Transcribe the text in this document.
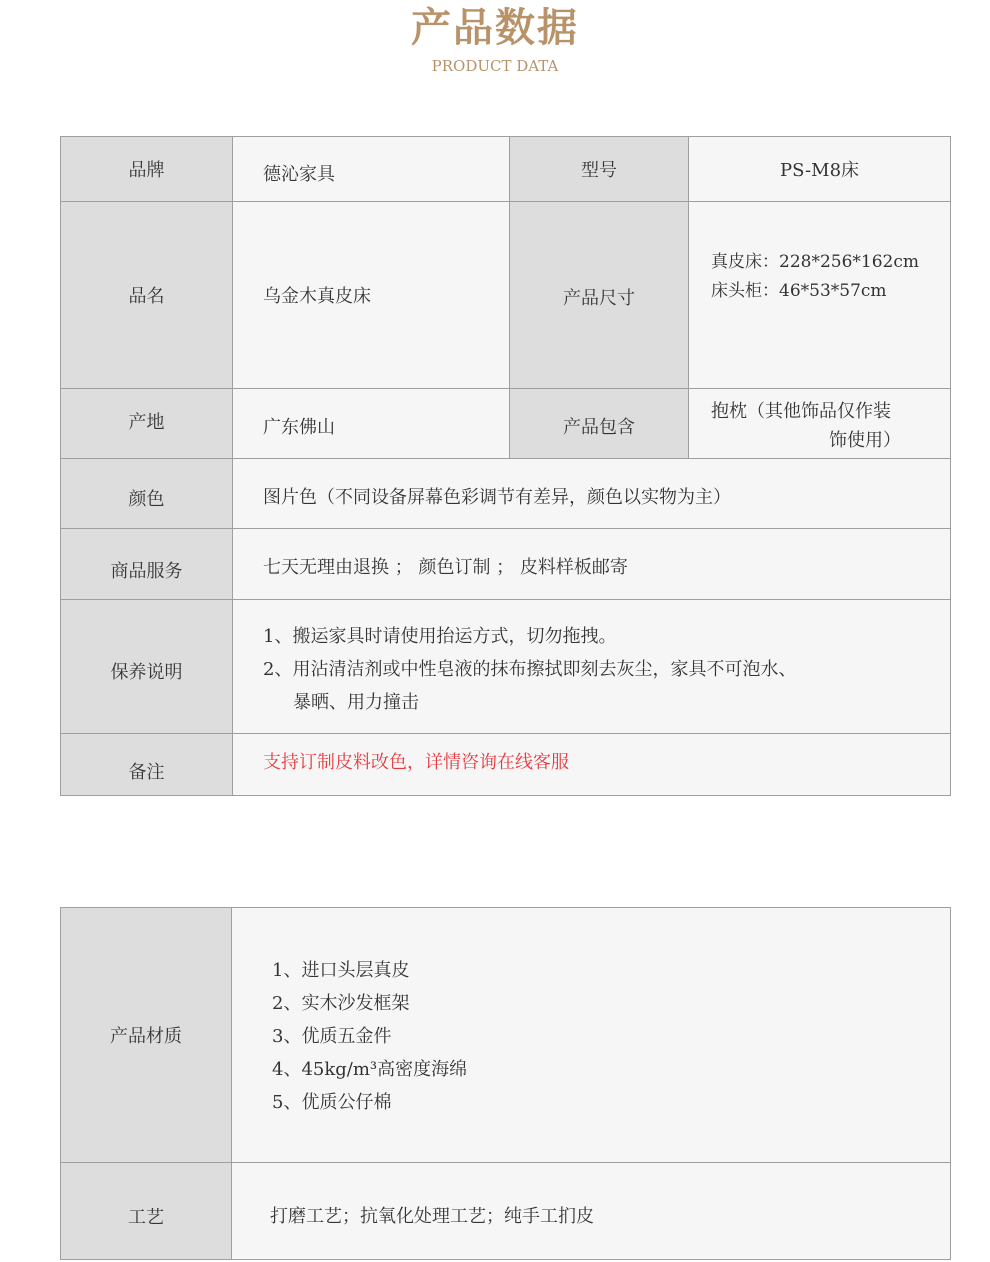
产品数据
PRODUCT DATA
品牌	德沁家具	型号	PS-M8床
品名	乌金木真皮床	产品尺寸	真皮床：228*256*162cm
床头柜：46*53*57cm

产地	广东佛山	产品包含	抱枕（其他饰品仅作装
饰使用）

颜色	图片色（不同设备屏幕色彩调节有差异，颜色以实物为主）		

商品服务	七天无理由退换 ； 颜色订制 ； 皮料样板邮寄		

保养说明	1、搬运家具时请使用抬运方式，切勿拖拽。
2、用沾清洁剂或中性皂液的抹布擦拭即刻去灰尘，家具不可泡水、
暴晒、用力撞击		

备注	支持订制皮料改色，详情咨询在线客服		
产品材质	1、进口头层真皮
2、实木沙发框架
3、优质五金件
4、45kg/m³高密度海绵
5、优质公仔棉

工艺	打磨工艺；抗氧化处理工艺；纯手工扪皮
